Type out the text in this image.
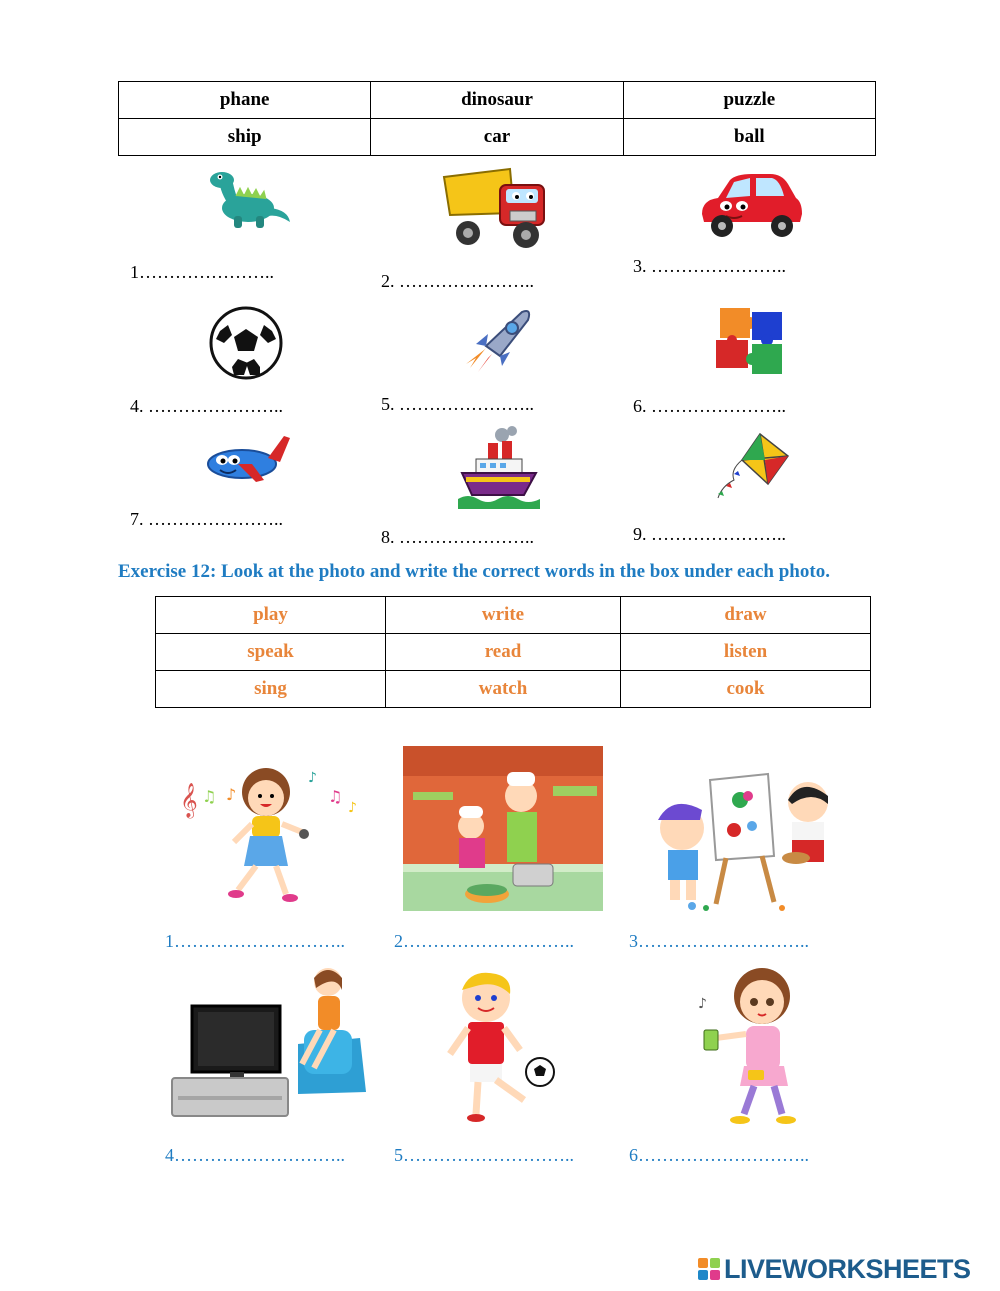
phane	dinosaur	puzzle
ship	car	ball
1…………………..	2. …………………..
3. …………………..
4. …………………..	5. …………………..	6. …………………..
7. …………………..
8. …………………..	9. …………………..
Exercise 12: Look at the photo and write the correct words in the box under each photo.
play	write	draw
speak	read	listen
sing	watch	cook
𝄞 ♫ ♪
♪
♫
♪
1………………………..	2………………………..	3………………………..
♪
4………………………..	5………………………..	6………………………..
LIVEWORKSHEETS
